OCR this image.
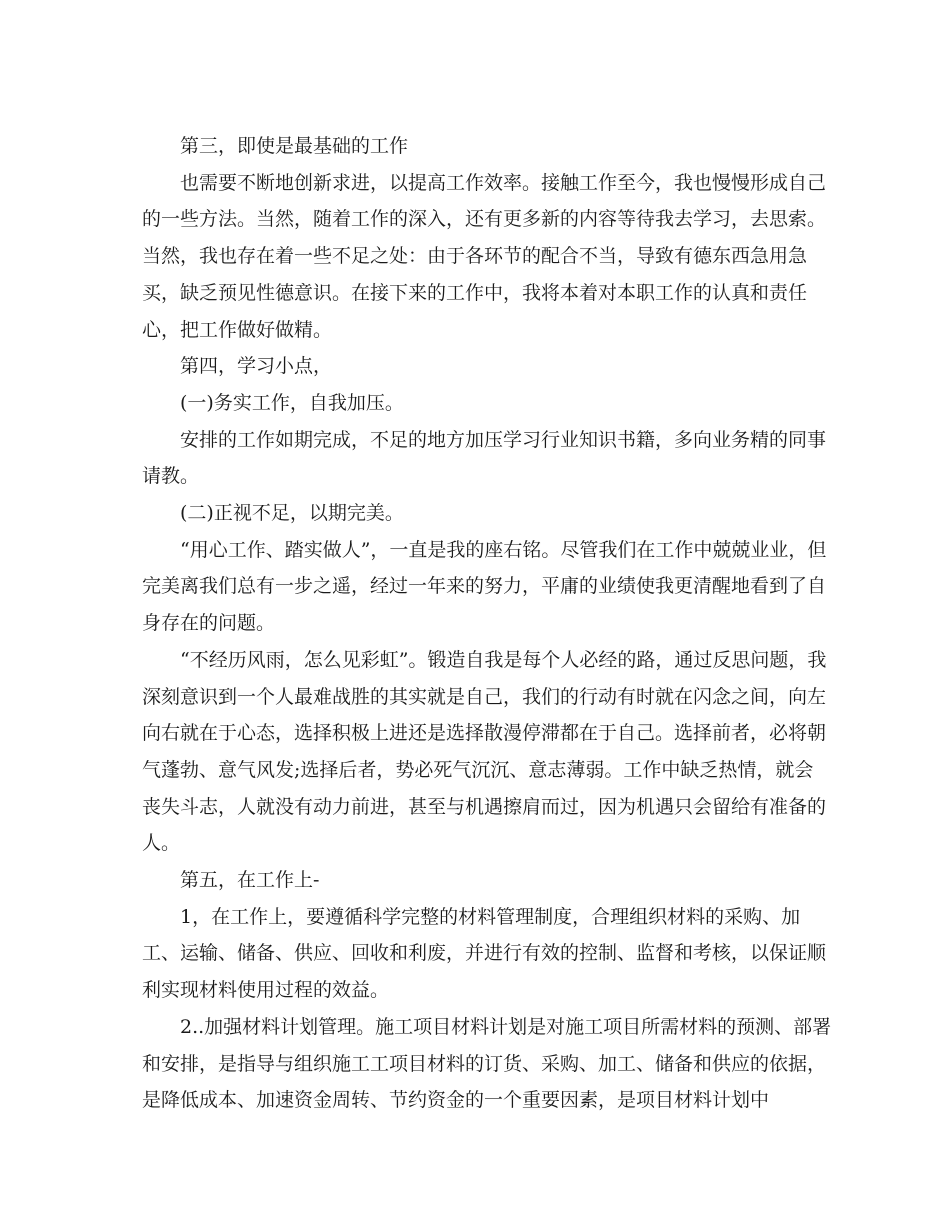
第三，即使是最基础的工作

也需要不断地创新求进，以提高工作效率。接触工作至今，我也慢慢形成自己的一些方法。当然，随着工作的深入，还有更多新的内容等待我去学习，去思索。 当然，我也存在着一些不足之处：由于各环节的配合不当，导致有德东西急用急买，缺乏预见性德意识。在接下来的工作中，我将本着对本职工作的认真和责任心，把工作做好做精。

第四，学习小点，

(一)务实工作，自我加压。

安排的工作如期完成，不足的地方加压学习行业知识书籍，多向业务精的同事请教。

(二)正视不足，以期完美。

“用心工作、踏实做人”，一直是我的座右铭。尽管我们在工作中兢兢业业，但完美离我们总有一步之遥，经过一年来的努力，平庸的业绩使我更清醒地看到了自身存在的问题。

“不经历风雨，怎么见彩虹”。锻造自我是每个人必经的路，通过反思问题，我深刻意识到一个人最难战胜的其实就是自己，我们的行动有时就在闪念之间，向左向右就在于心态，选择积极上进还是选择散漫停滞都在于自己。选择前者，必将朝气蓬勃、意气风发;选择后者，势必死气沉沉、意志薄弱。工作中缺乏热情，就会丧失斗志，人就没有动力前进，甚至与机遇擦肩而过，因为机遇只会留给有准备的人。

第五，在工作上-

1，在工作上，要遵循科学完整的材料管理制度，合理组织材料的采购、加工、运输、储备、供应、回收和利废，并进行有效的控制、监督和考核，以保证顺利实现材料使用过程的效益。

2..加强材料计划管理。施工项目材料计划是对施工项目所需材料的预测、部署和安排，是指导与组织施工工项目材料的订货、采购、加工、储备和供应的依据，是降低成本、加速资金周转、节约资金的一个重要因素，是项目材料计划中
